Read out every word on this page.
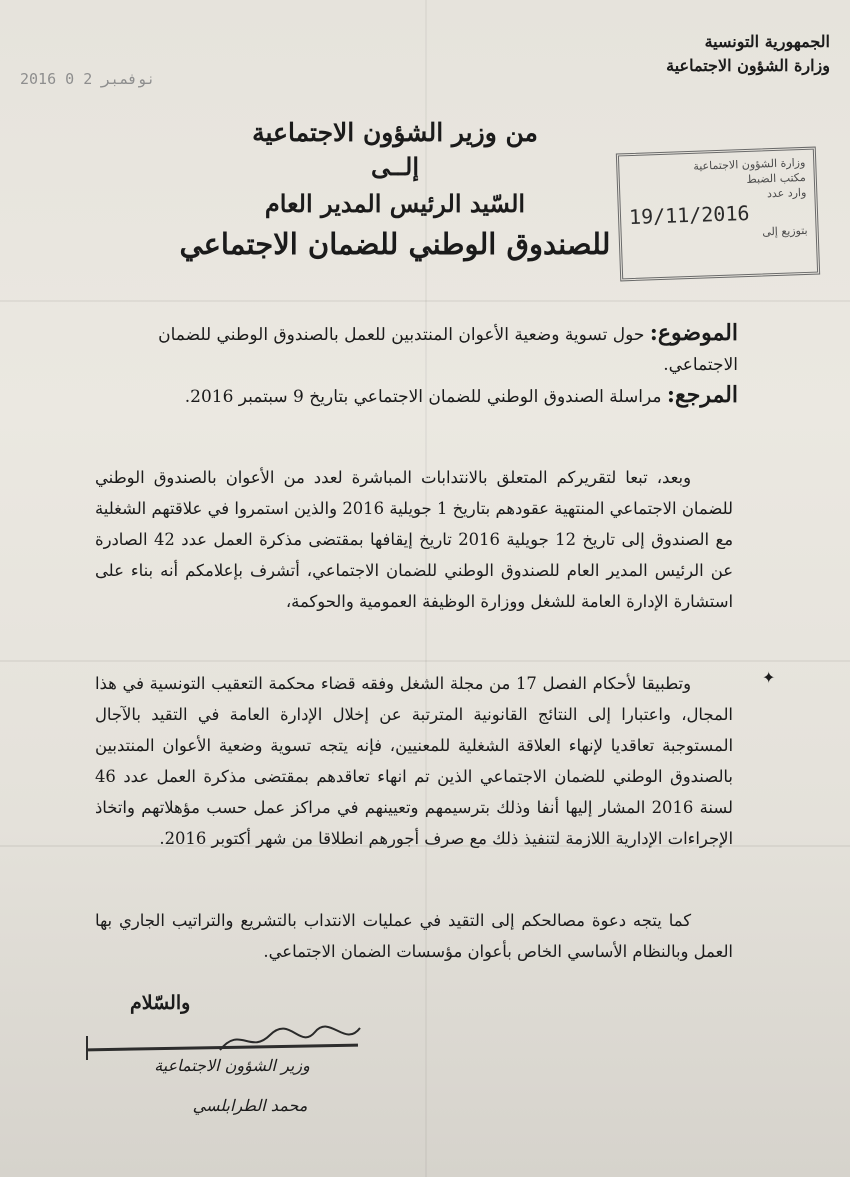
الجمهورية التونسية
وزارة الشؤون الاجتماعية
2016 نوفمبر 2 0
من وزير الشؤون الاجتماعية
إلــى
السّيد الرئيس المدير العام
للصندوق الوطني للضمان الاجتماعي
وزارة الشؤون الاجتماعية
مكتب الضبط
وارد عدد
19/11/2016
بتوزيع إلى
الموضوع: حول تسوية وضعية الأعوان المنتدبين للعمل بالصندوق الوطني للضمان الاجتماعي.
المرجع: مراسلة الصندوق الوطني للضمان الاجتماعي بتاريخ 9 سبتمبر 2016.

وبعد، تبعا لتقريركم المتعلق بالانتدابات المباشرة لعدد من الأعوان بالصندوق الوطني للضمان الاجتماعي المنتهية عقودهم بتاريخ 1 جويلية 2016 والذين استمروا في علاقتهم الشغلية مع الصندوق إلى تاريخ 12 جويلية 2016 تاريخ إيقافها بمقتضى مذكرة العمل عدد 42 الصادرة عن الرئيس المدير العام للصندوق الوطني للضمان الاجتماعي، أتشرف بإعلامكم أنه بناء على استشارة الإدارة العامة للشغل ووزارة الوظيفة العمومية والحوكمة،

✦

وتطبيقا لأحكام الفصل 17 من مجلة الشغل وفقه قضاء محكمة التعقيب التونسية في هذا المجال، واعتبارا إلى النتائج القانونية المترتبة عن إخلال الإدارة العامة في التقيد بالآجال المستوجبة تعاقديا لإنهاء العلاقة الشغلية للمعنيين، فإنه يتجه تسوية وضعية الأعوان المنتدبين بالصندوق الوطني للضمان الاجتماعي الذين تم انهاء تعاقدهم بمقتضى مذكرة العمل عدد 46 لسنة 2016 المشار إليها أنفا وذلك بترسيمهم وتعيينهم في مراكز عمل حسب مؤهلاتهم واتخاذ الإجراءات الإدارية اللازمة لتنفيذ ذلك مع صرف أجورهم انطلاقا من شهر أكتوبر 2016.

كما يتجه دعوة مصالحكم إلى التقيد في عمليات الانتداب بالتشريع والتراتيب الجاري بها العمل وبالنظام الأساسي الخاص بأعوان مؤسسات الضمان الاجتماعي.

والسّلام
وزير الشؤون الاجتماعية
محمد الطرابلسي
